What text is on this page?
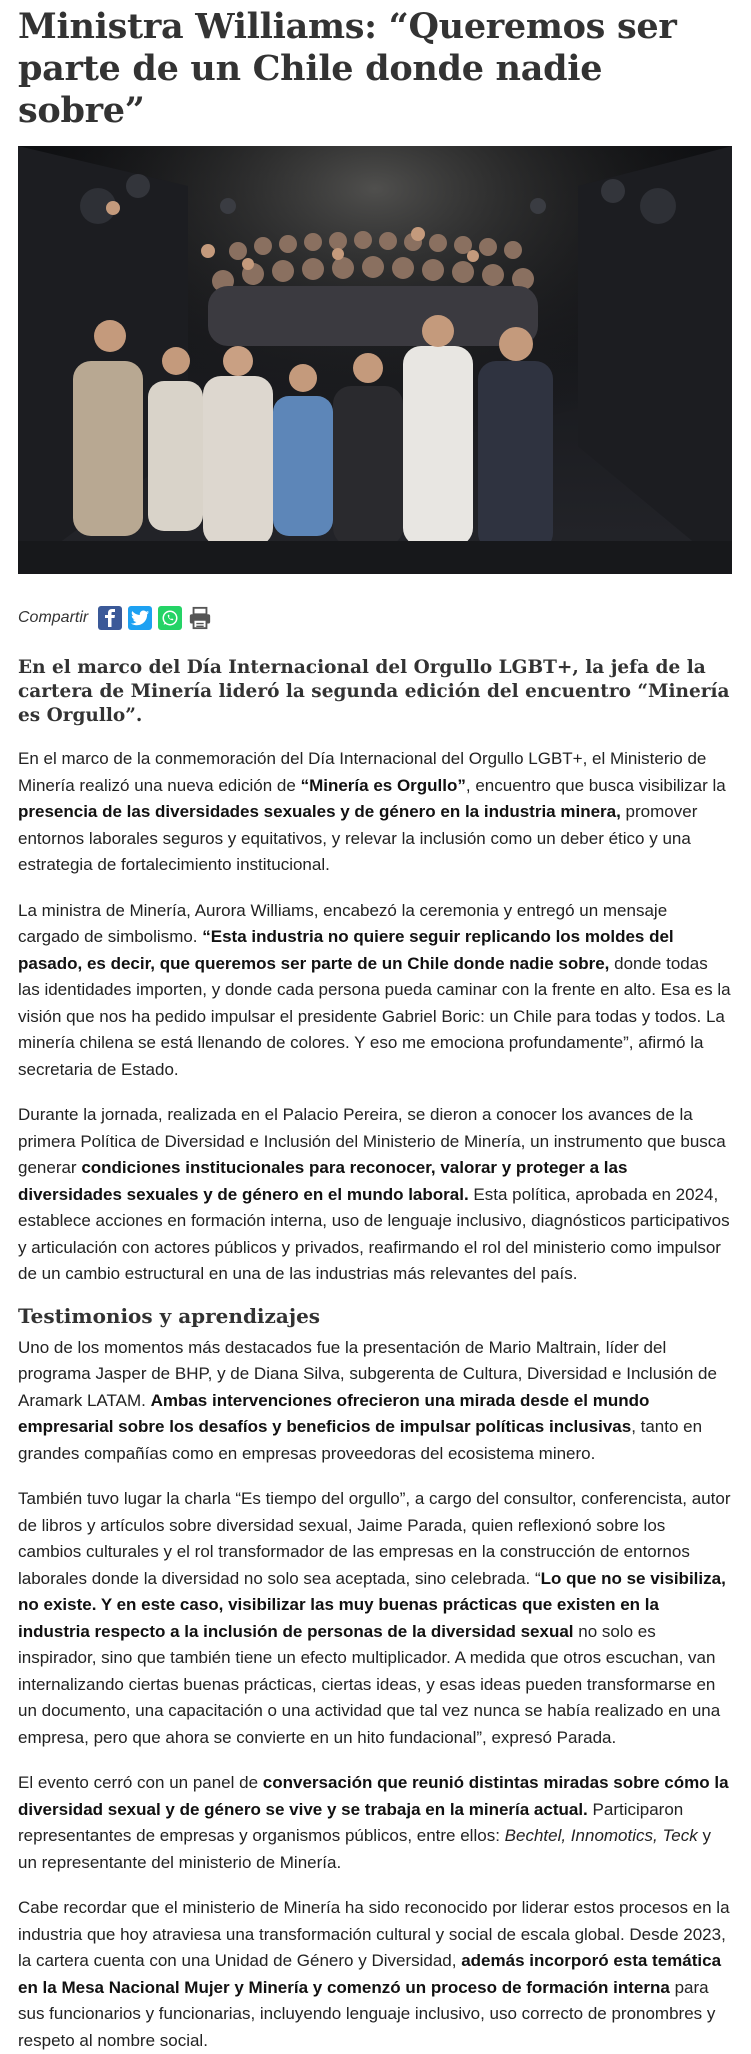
Ministra Williams: “Queremos ser parte de un Chile donde nadie sobre”
Compartir
En el marco del Día Internacional del Orgullo LGBT+, la jefa de la cartera de Minería lideró la segunda edición del encuentro “Minería es Orgullo”.

En el marco de la conmemoración del Día Internacional del Orgullo LGBT+, el Ministerio de Minería realizó una nueva edición de “Minería es Orgullo”, encuentro que busca visibilizar la presencia de las diversidades sexuales y de género en la industria minera, promover entornos laborales seguros y equitativos, y relevar la inclusión como un deber ético y una estrategia de fortalecimiento institucional.

La ministra de Minería, Aurora Williams, encabezó la ceremonia y entregó un mensaje cargado de simbolismo. “Esta industria no quiere seguir replicando los moldes del pasado, es decir, que queremos ser parte de un Chile donde nadie sobre, donde todas las identidades importen, y donde cada persona pueda caminar con la frente en alto. Esa es la visión que nos ha pedido impulsar el presidente Gabriel Boric: un Chile para todas y todos. La minería chilena se está llenando de colores. Y eso me emociona profundamente”, afirmó la secretaria de Estado.

Durante la jornada, realizada en el Palacio Pereira, se dieron a conocer los avances de la primera Política de Diversidad e Inclusión del Ministerio de Minería, un instrumento que busca generar condiciones institucionales para reconocer, valorar y proteger a las diversidades sexuales y de género en el mundo laboral. Esta política, aprobada en 2024, establece acciones en formación interna, uso de lenguaje inclusivo, diagnósticos participativos y articulación con actores públicos y privados, reafirmando el rol del ministerio como impulsor de un cambio estructural en una de las industrias más relevantes del país.

Testimonios y aprendizajes

Uno de los momentos más destacados fue la presentación de Mario Maltrain, líder del programa Jasper de BHP, y de Diana Silva, subgerenta de Cultura, Diversidad e Inclusión de Aramark LATAM. Ambas intervenciones ofrecieron una mirada desde el mundo empresarial sobre los desafíos y beneficios de impulsar políticas inclusivas, tanto en grandes compañías como en empresas proveedoras del ecosistema minero.

También tuvo lugar la charla “Es tiempo del orgullo”, a cargo del consultor, conferencista, autor de libros y artículos sobre diversidad sexual, Jaime Parada, quien reflexionó sobre los cambios culturales y el rol transformador de las empresas en la construcción de entornos laborales donde la diversidad no solo sea aceptada, sino celebrada. “Lo que no se visibiliza, no existe. Y en este caso, visibilizar las muy buenas prácticas que existen en la industria respecto a la inclusión de personas de la diversidad sexual no solo es inspirador, sino que también tiene un efecto multiplicador. A medida que otros escuchan, van internalizando ciertas buenas prácticas, ciertas ideas, y esas ideas pueden transformarse en un documento, una capacitación o una actividad que tal vez nunca se había realizado en una empresa, pero que ahora se convierte en un hito fundacional”, expresó Parada.

El evento cerró con un panel de conversación que reunió distintas miradas sobre cómo la diversidad sexual y de género se vive y se trabaja en la minería actual. Participaron representantes de empresas y organismos públicos, entre ellos: Bechtel, Innomotics, Teck y un representante del ministerio de Minería.

Cabe recordar que el ministerio de Minería ha sido reconocido por liderar estos procesos en la industria que hoy atraviesa una transformación cultural y social de escala global. Desde 2023, la cartera cuenta con una Unidad de Género y Diversidad, además incorporó esta temática en la Mesa Nacional Mujer y Minería y comenzó un proceso de formación interna para sus funcionarios y funcionarias, incluyendo lenguaje inclusivo, uso correcto de pronombres y respeto al nombre social.
